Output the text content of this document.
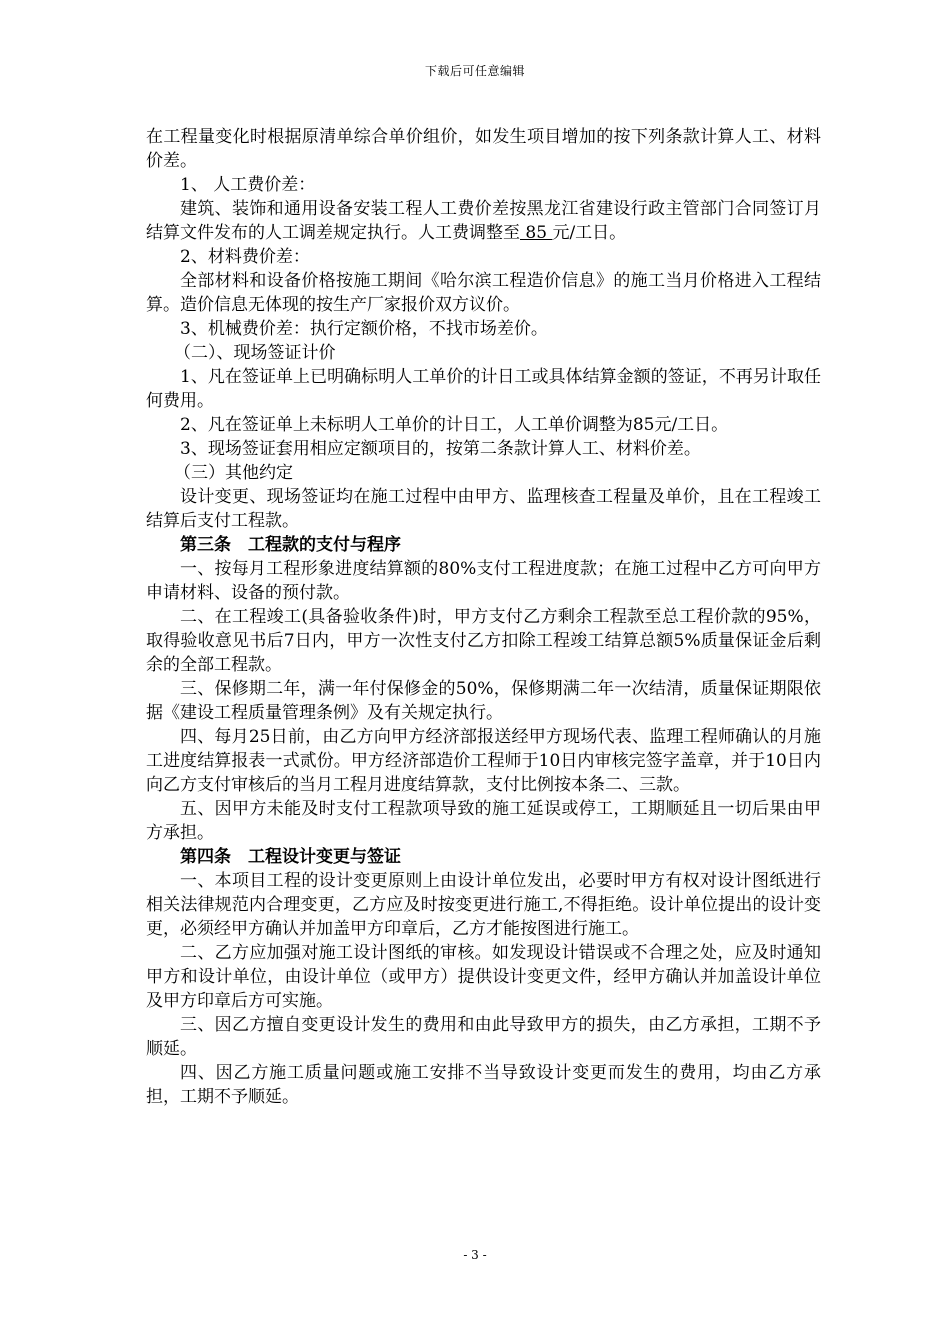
下载后可任意编辑

在工程量变化时根据原清单综合单价组价，如发生项目增加的按下列条款计算人工、材料价差。

1、 人工费价差：

建筑、装饰和通用设备安装工程人工费价差按黑龙江省建设行政主管部门合同签订月结算文件发布的人工调差规定执行。人工费调整至 85 元/工日。

2、材料费价差：

全部材料和设备价格按施工期间《哈尔滨工程造价信息》的施工当月价格进入工程结算。造价信息无体现的按生产厂家报价双方议价。

3、机械费价差：执行定额价格，不找市场差价。

（二）、现场签证计价

1、凡在签证单上已明确标明人工单价的计日工或具体结算金额的签证，不再另计取任何费用。

2、凡在签证单上未标明人工单价的计日工，人工单价调整为85元/工日。

3、现场签证套用相应定额项目的，按第二条款计算人工、材料价差。

（三）其他约定

设计变更、现场签证均在施工过程中由甲方、监理核查工程量及单价，且在工程竣工结算后支付工程款。

第三条　工程款的支付与程序

一、按每月工程形象进度结算额的80%支付工程进度款；在施工过程中乙方可向甲方申请材料、设备的预付款。

二、在工程竣工(具备验收条件)时，甲方支付乙方剩余工程款至总工程价款的95%，取得验收意见书后7日内，甲方一次性支付乙方扣除工程竣工结算总额5%质量保证金后剩余的全部工程款。

三、保修期二年，满一年付保修金的50%，保修期满二年一次结清，质量保证期限依据《建设工程质量管理条例》及有关规定执行。

四、每月25日前，由乙方向甲方经济部报送经甲方现场代表、监理工程师确认的月施工进度结算报表一式贰份。甲方经济部造价工程师于10日内审核完签字盖章，并于10日内向乙方支付审核后的当月工程月进度结算款，支付比例按本条二、三款。

五、因甲方未能及时支付工程款项导致的施工延误或停工，工期顺延且一切后果由甲方承担。

第四条　工程设计变更与签证

一、本项目工程的设计变更原则上由设计单位发出，必要时甲方有权对设计图纸进行相关法律规范内合理变更，乙方应及时按变更进行施工,不得拒绝。设计单位提出的设计变更，必须经甲方确认并加盖甲方印章后，乙方才能按图进行施工。

二、乙方应加强对施工设计图纸的审核。如发现设计错误或不合理之处，应及时通知甲方和设计单位，由设计单位（或甲方）提供设计变更文件，经甲方确认并加盖设计单位及甲方印章后方可实施。

三、因乙方擅自变更设计发生的费用和由此导致甲方的损失，由乙方承担，工期不予顺延。

四、因乙方施工质量问题或施工安排不当导致设计变更而发生的费用，均由乙方承担，工期不予顺延。

- 3 -
